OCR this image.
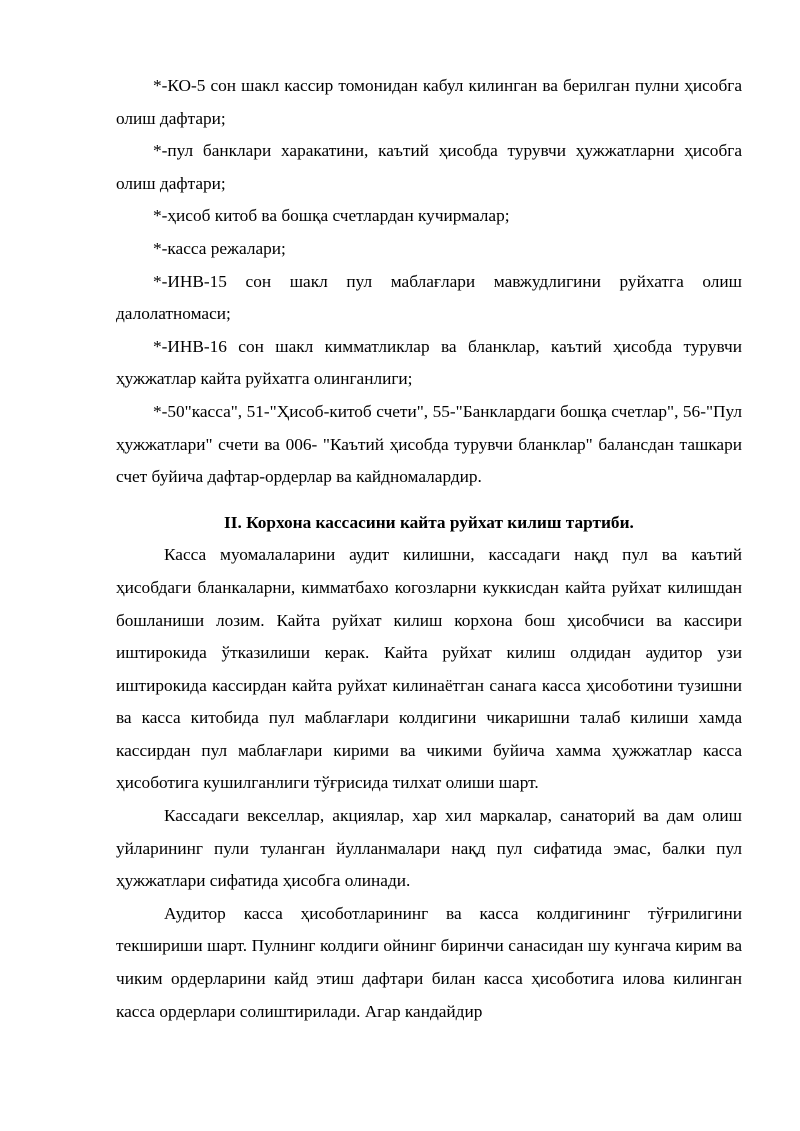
*-КО-5 сон шакл кассир томонидан кабул килинган ва берилган пулни ҳисобга олиш дафтари;

*-пул банклари харакатини, каътий ҳисобда турувчи ҳужжатларни ҳисобга олиш дафтари;

*-ҳисоб китоб ва бошқа счетлардан кучирмалар;

*-касса режалари;

*-ИНВ-15 сон шакл пул маблағлари мавжудлигини руйхатга олиш далолатномаси;

*-ИНВ-16 сон шакл кимматликлар ва бланклар, каътий ҳисобда турувчи ҳужжатлар кайта руйхатга олинганлиги;

*-50"касса", 51-"Ҳисоб-китоб счети", 55-"Банклардаги бошқа счетлар", 56-"Пул ҳужжатлари" счети ва 006- "Каътий ҳисобда турувчи бланклар" балансдан ташкари счет буйича дафтар-ордерлар ва кайдномалардир.

II. Корхона кассасини кайта руйхат килиш тартиби.

Касса муомалаларини аудит килишни, кассадаги нақд пул ва каътий ҳисобдаги бланкаларни, кимматбахо когозларни куккисдан кайта руйхат килишдан бошланиши лозим. Кайта руйхат килиш корхона бош ҳисобчиси ва кассири иштирокида ўтказилиши керак. Кайта руйхат килиш олдидан аудитор узи иштирокида кассирдан кайта руйхат килинаётган санага касса ҳисоботини тузишни ва касса китобида пул маблағлари колдигини чикаришни талаб килиши хамда кассирдан пул маблағлари кирими ва чикими буйича хамма ҳужжатлар касса ҳисоботига кушилганлиги тўғрисида тилхат олиши шарт.

Кассадаги векселлар, акциялар, хар хил маркалар, санаторий ва дам олиш уйларининг пули туланган йулланмалари нақд пул сифатида эмас, балки пул ҳужжатлари сифатида ҳисобга олинади.

Аудитор касса ҳисоботларининг ва касса колдигининг тўғрилигини текшириши шарт. Пулнинг колдиги ойнинг биринчи санасидан шу кунгача кирим ва чиким ордерларини кайд этиш дафтари билан касса ҳисоботига илова килинган касса ордерлари солиштирилади. Агар кандайдир
